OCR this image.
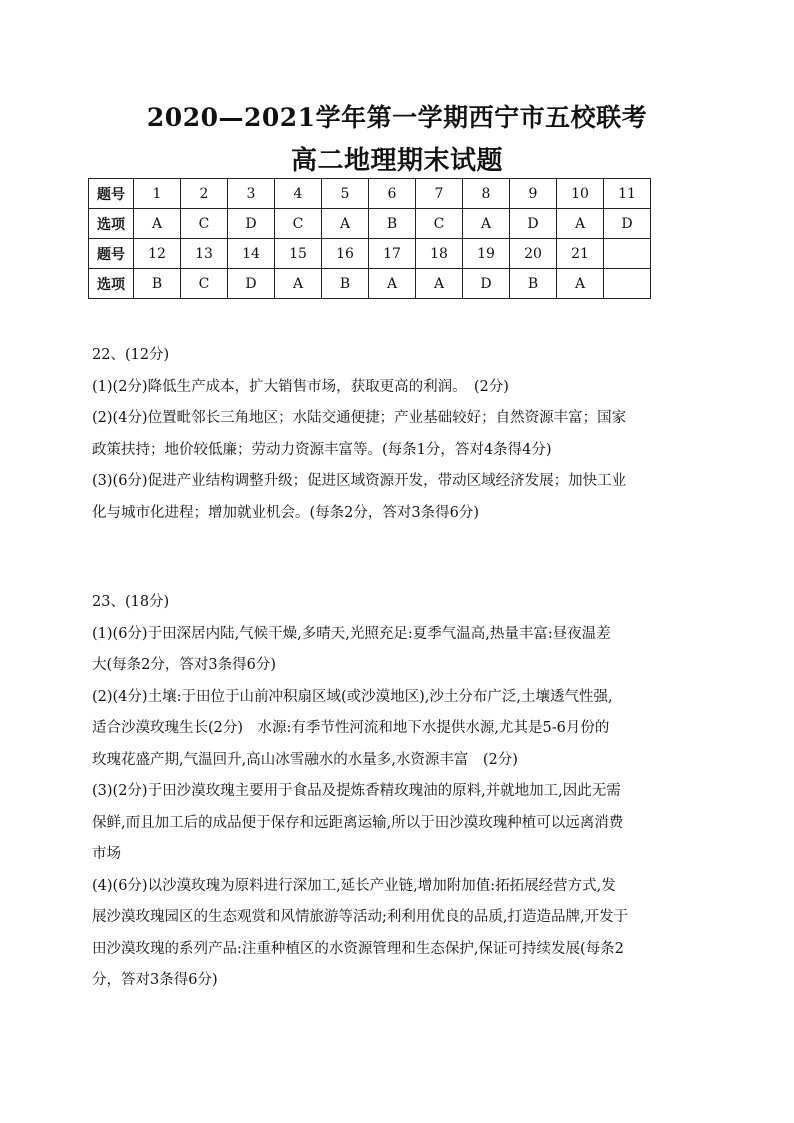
2020—2021学年第一学期西宁市五校联考
高二地理期末试题
题号	1	2	3	4	5	6	7	8	9	10	11
选项	A	C	D	C	A	B	C	A	D	A	D
题号	12	13	14	15	16	17	18	19	20	21	
选项	B	C	D	A	B	A	A	D	B	A	

22、(12分)

(1)(2分)降低生产成本，扩大销售市场，获取更高的利润。　(2分)

(2)(4分)位置毗邻长三角地区；水陆交通便捷；产业基础较好；自然资源丰富；国家

政策扶持；地价较低廉；劳动力资源丰富等。(每条1分，答对4条得4分)

(3)(6分)促进产业结构调整升级；促进区域资源开发，带动区域经济发展；加快工业

化与城市化进程；增加就业机会。(每条2分，答对3条得6分)

23、(18分)

(1)(6分)于田深居内陆,气候干燥,多晴天,光照充足:夏季气温高,热量丰富:昼夜温差

大(每条2分，答对3条得6分)

(2)(4分)土壤:于田位于山前冲积扇区域(或沙漠地区),沙土分布广泛,土壤透气性强,

适合沙漠玫瑰生长(2分)　水源:有季节性河流和地下水提供水源,尤其是5-6月份的

玫瑰花盛产期,气温回升,高山冰雪融水的水量多,水资源丰富　(2分)

(3)(2分)于田沙漠玫瑰主要用于食品及提炼香精玫瑰油的原料,并就地加工,因此无需

保鲜,而且加工后的成品便于保存和远距离运输,所以于田沙漠玫瑰种植可以远离消费

市场

(4)(6分)以沙漠玫瑰为原料进行深加工,延长产业链,增加附加值:拓拓展经营方式,发

展沙漠玫瑰园区的生态观赏和风情旅游等活动;利利用优良的品质,打造造品牌,开发于

田沙漠玫瑰的系列产品:注重种植区的水资源管理和生态保护,保证可持续发展(每条2

分，答对3条得6分)
